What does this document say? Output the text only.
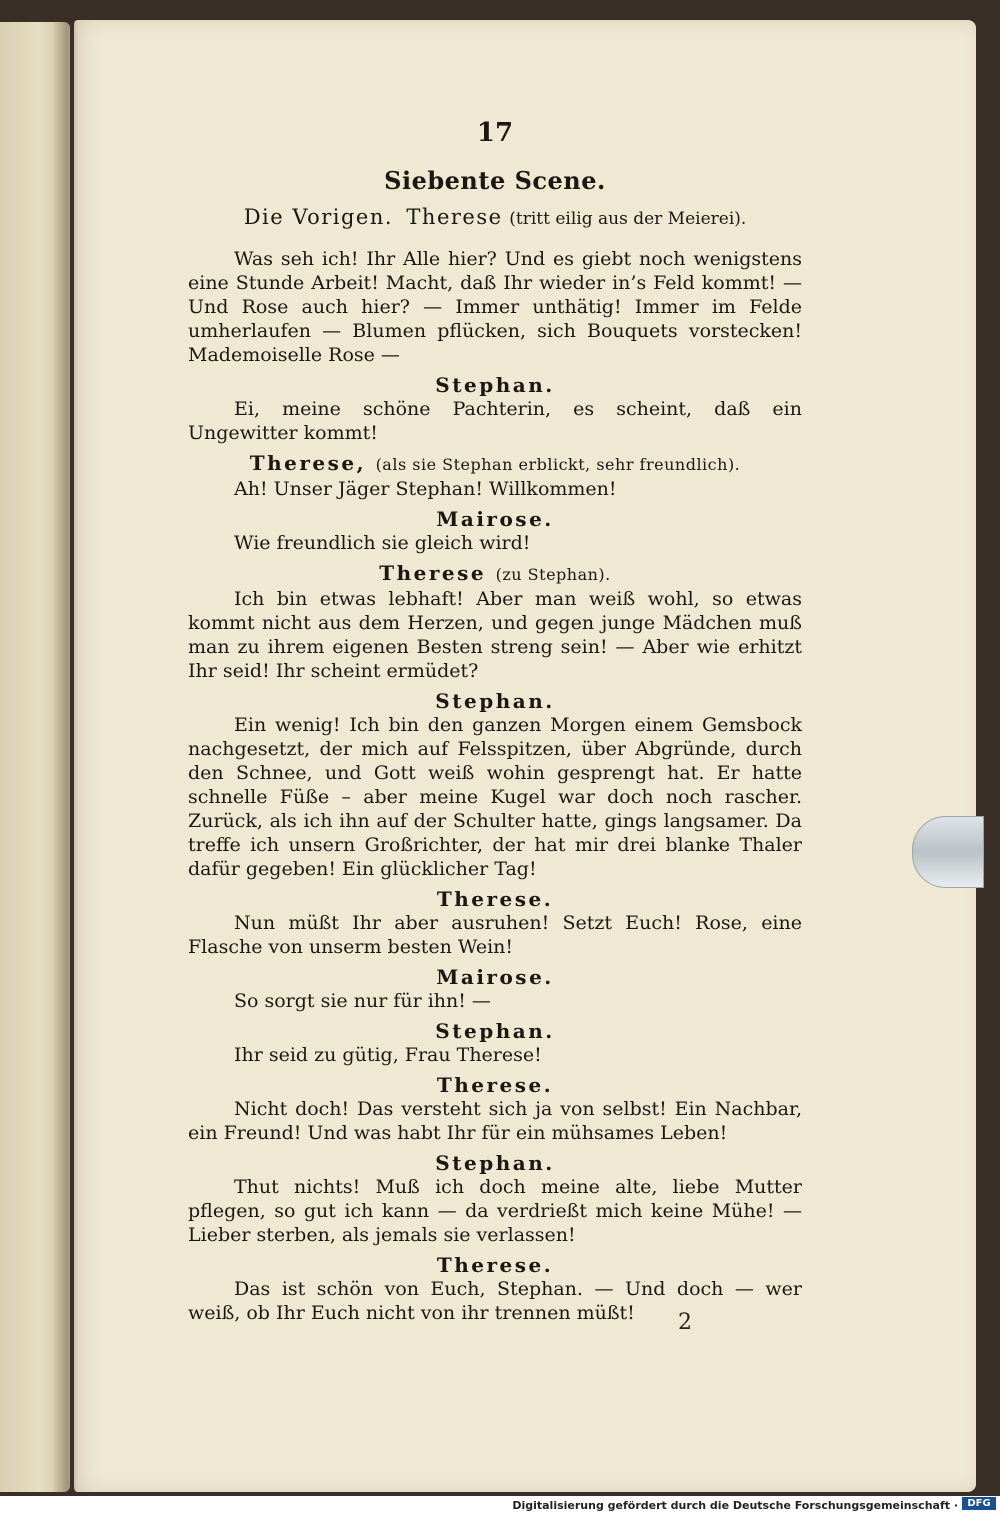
17
Siebente Scene.
Die Vorigen. Therese (tritt eilig aus der Meierei).

Was seh ich! Ihr Alle hier? Und es giebt noch wenigstens eine Stunde Arbeit! Macht, daß Ihr wieder in’s Feld kommt! — Und Rose auch hier? — Immer unthätig! Immer im Felde umherlaufen — Blumen pflücken, sich Bouquets vorstecken! Mademoiselle Rose —

Stephan.

Ei, meine schöne Pachterin, es scheint, daß ein Ungewitter kommt!

Therese, (als sie Stephan erblickt, sehr freundlich).

Ah! Unser Jäger Stephan! Willkommen!

Mairose.

Wie freundlich sie gleich wird!

Therese (zu Stephan).

Ich bin etwas lebhaft! Aber man weiß wohl, so etwas kommt nicht aus dem Herzen, und gegen junge Mädchen muß man zu ihrem eigenen Besten streng sein! — Aber wie erhitzt Ihr seid! Ihr scheint ermüdet?

Stephan.

Ein wenig! Ich bin den ganzen Morgen einem Gemsbock nachgesetzt, der mich auf Felsspitzen, über Abgründe, durch den Schnee, und Gott weiß wohin gesprengt hat. Er hatte schnelle Füße – aber meine Kugel war doch noch rascher. Zurück, als ich ihn auf der Schulter hatte, gings langsamer. Da treffe ich unsern Großrichter, der hat mir drei blanke Thaler dafür gegeben! Ein glücklicher Tag!

Therese.

Nun müßt Ihr aber ausruhen! Setzt Euch! Rose, eine Flasche von unserm besten Wein!

Mairose.

So sorgt sie nur für ihn! —

Stephan.

Ihr seid zu gütig, Frau Therese!

Therese.

Nicht doch! Das versteht sich ja von selbst! Ein Nachbar, ein Freund! Und was habt Ihr für ein mühsames Leben!

Stephan.

Thut nichts! Muß ich doch meine alte, liebe Mutter pflegen, so gut ich kann — da verdrießt mich keine Mühe! — Lieber sterben, als jemals sie verlassen!

Therese.

Das ist schön von Euch, Stephan. — Und doch — wer weiß, ob Ihr Euch nicht von ihr trennen müßt!	2
Digitalisierung gefördert durch die Deutsche Forschungsgemeinschaft · DFG
